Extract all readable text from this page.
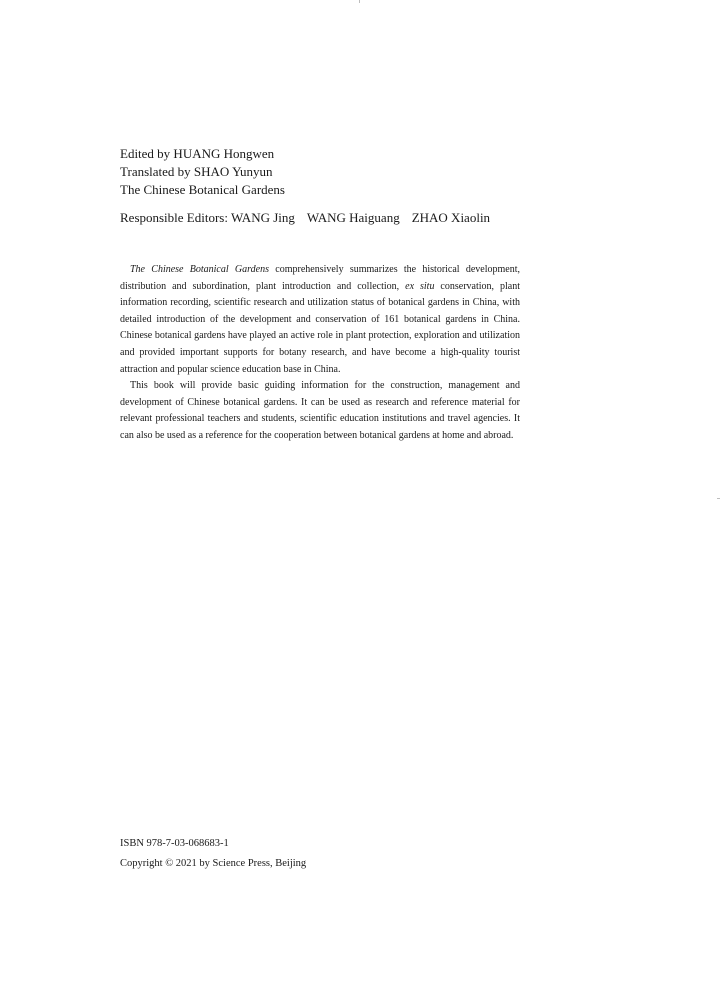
Edited by HUANG Hongwen
Translated by SHAO Yunyun
The Chinese Botanical Gardens
Responsible Editors: WANG Jing WANG Haiguang ZHAO Xiaolin

The Chinese Botanical Gardens comprehensively summarizes the historical development, distribution and subordination, plant introduction and collection, ex situ conservation, plant information recording, scientific research and utilization status of botanical gardens in China, with detailed introduction of the development and conservation of 161 botanical gardens in China. Chinese botanical gardens have played an active role in plant protection, exploration and utilization and provided important supports for botany research, and have become a high-quality tourist attraction and popular science education base in China.

This book will provide basic guiding information for the construction, management and development of Chinese botanical gardens. It can be used as research and reference material for relevant professional teachers and students, scientific education institutions and travel agencies. It can also be used as a reference for the cooperation between botanical gardens at home and abroad.

ISBN 978-7-03-068683-1
Copyright © 2021 by Science Press, Beijing
